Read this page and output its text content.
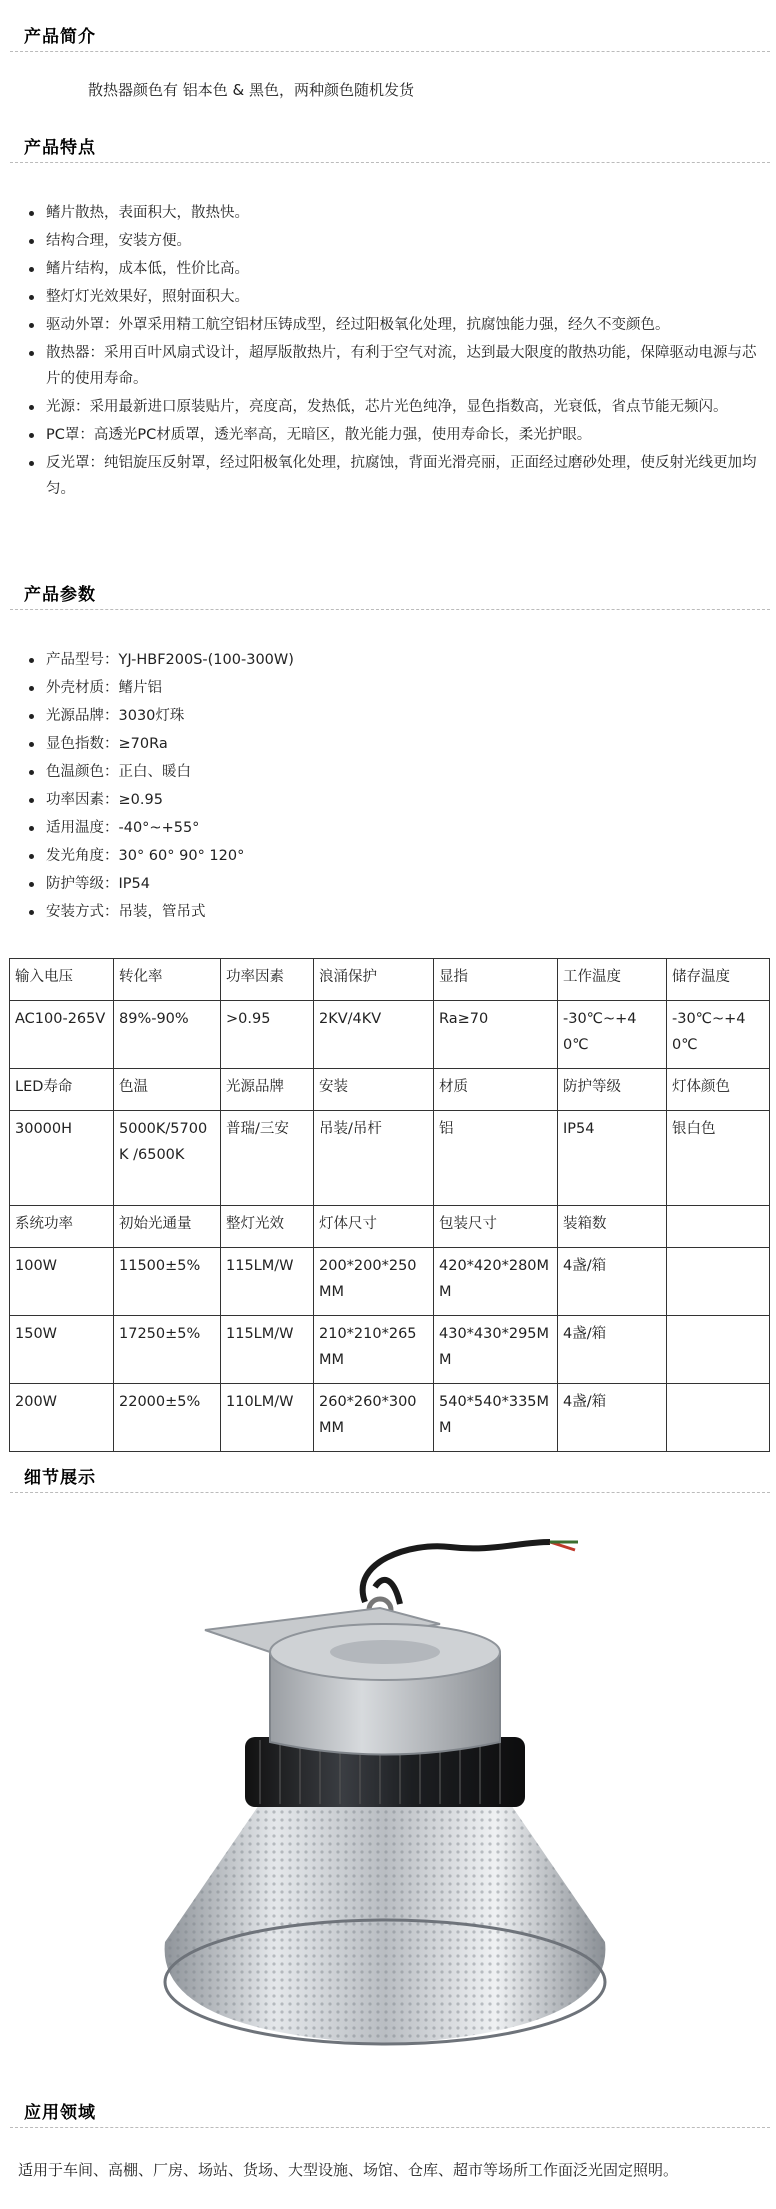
产品简介
散热器颜色有 铝本色 & 黑色，两种颜色随机发货
产品特点
鳍片散热，表面积大，散热快。
结构合理，安装方便。
鳍片结构，成本低，性价比高。
整灯灯光效果好，照射面积大。
驱动外罩：外罩采用精工航空铝材压铸成型，经过阳极氧化处理，抗腐蚀能力强，经久不变颜色。
散热器：采用百叶风扇式设计，超厚版散热片，有利于空气对流，达到最大限度的散热功能，保障驱动电源与芯片的使用寿命。
光源：采用最新进口原装贴片，亮度高，发热低，芯片光色纯净，显色指数高，光衰低，省点节能无频闪。
PC罩：高透光PC材质罩，透光率高，无暗区，散光能力强，使用寿命长，柔光护眼。
反光罩：纯铝旋压反射罩，经过阳极氧化处理，抗腐蚀，背面光滑亮丽，正面经过磨砂处理，使反射光线更加均匀。
产品参数
产品型号：YJ-HBF200S-(100-300W)
外壳材质：鳍片铝
光源品牌：3030灯珠
显色指数：≥70Ra
色温颜色：正白、暖白
功率因素：≥0.95
适用温度：-40°~+55°
发光角度：30° 60° 90° 120°
防护等级：IP54
安装方式：吊装，管吊式
输入电压	转化率	功率因素	浪涌保护	显指	工作温度	储存温度
AC100-265V	89%-90%	>0.95	2KV/4KV	Ra≥70	-30℃~+40℃	-30℃~+40℃
LED寿命	色温	光源品牌	安装	材质	防护等级	灯体颜色
30000H	5000K/5700K /6500K	普瑞/三安	吊装/吊杆	铝	IP54	银白色
系统功率	初始光通量	整灯光效	灯体尺寸	包装尺寸	装箱数	
100W	11500±5%	115LM/W	200*200*250MM	420*420*280MM	4盏/箱	
150W	17250±5%	115LM/W	210*210*265MM	430*430*295MM	4盏/箱	
200W	22000±5%	110LM/W	260*260*300MM	540*540*335MM	4盏/箱	
细节展示
应用领域
适用于车间、高棚、厂房、场站、货场、大型设施、场馆、仓库、超市等场所工作面泛光固定照明。
